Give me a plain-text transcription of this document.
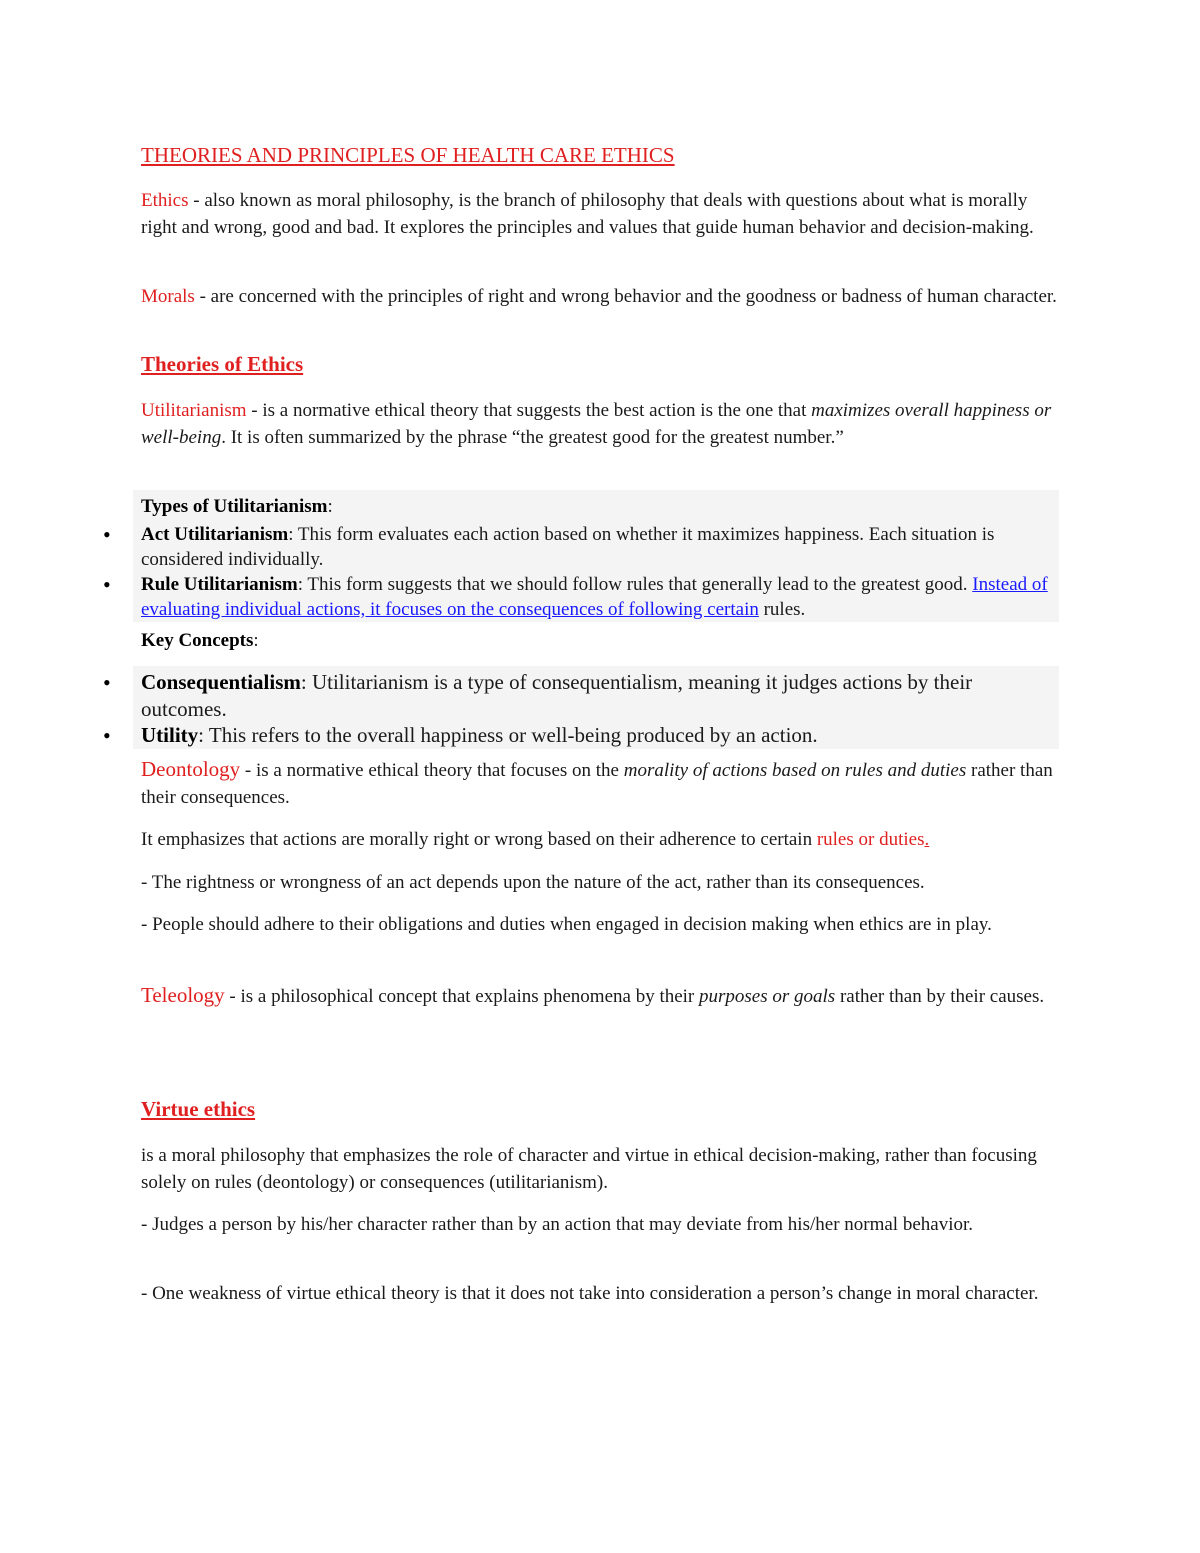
THEORIES AND PRINCIPLES OF HEALTH CARE ETHICS

Ethics - also known as moral philosophy, is the branch of philosophy that deals with questions about what is morally right and wrong, good and bad. It explores the principles and values that guide human behavior and decision-making.

Morals - are concerned with the principles of right and wrong behavior and the goodness or badness of human character.

Theories of Ethics

Utilitarianism - is a normative ethical theory that suggests the best action is the one that maximizes overall happiness or well-being. It is often summarized by the phrase “the greatest good for the greatest number.”

Types of Utilitarianism:
• Act Utilitarianism: This form evaluates each action based on whether it maximizes happiness. Each situation is considered individually.
• Rule Utilitarianism: This form suggests that we should follow rules that generally lead to the greatest good. Instead of evaluating individual actions, it focuses on the consequences of following certain rules.
Key Concepts:
• Consequentialism: Utilitarianism is a type of consequentialism, meaning it judges actions by their outcomes.
• Utility: This refers to the overall happiness or well-being produced by an action.

Deontology - is a normative ethical theory that focuses on the morality of actions based on rules and duties rather than their consequences.

It emphasizes that actions are morally right or wrong based on their adherence to certain rules or duties.

- The rightness or wrongness of an act depends upon the nature of the act, rather than its consequences.

- People should adhere to their obligations and duties when engaged in decision making when ethics are in play.

Teleology - is a philosophical concept that explains phenomena by their purposes or goals rather than by their causes.

Virtue ethics

is a moral philosophy that emphasizes the role of character and virtue in ethical decision-making, rather than focusing solely on rules (deontology) or consequences (utilitarianism).

- Judges a person by his/her character rather than by an action that may deviate from his/her normal behavior.

- One weakness of virtue ethical theory is that it does not take into consideration a person’s change in moral character.
